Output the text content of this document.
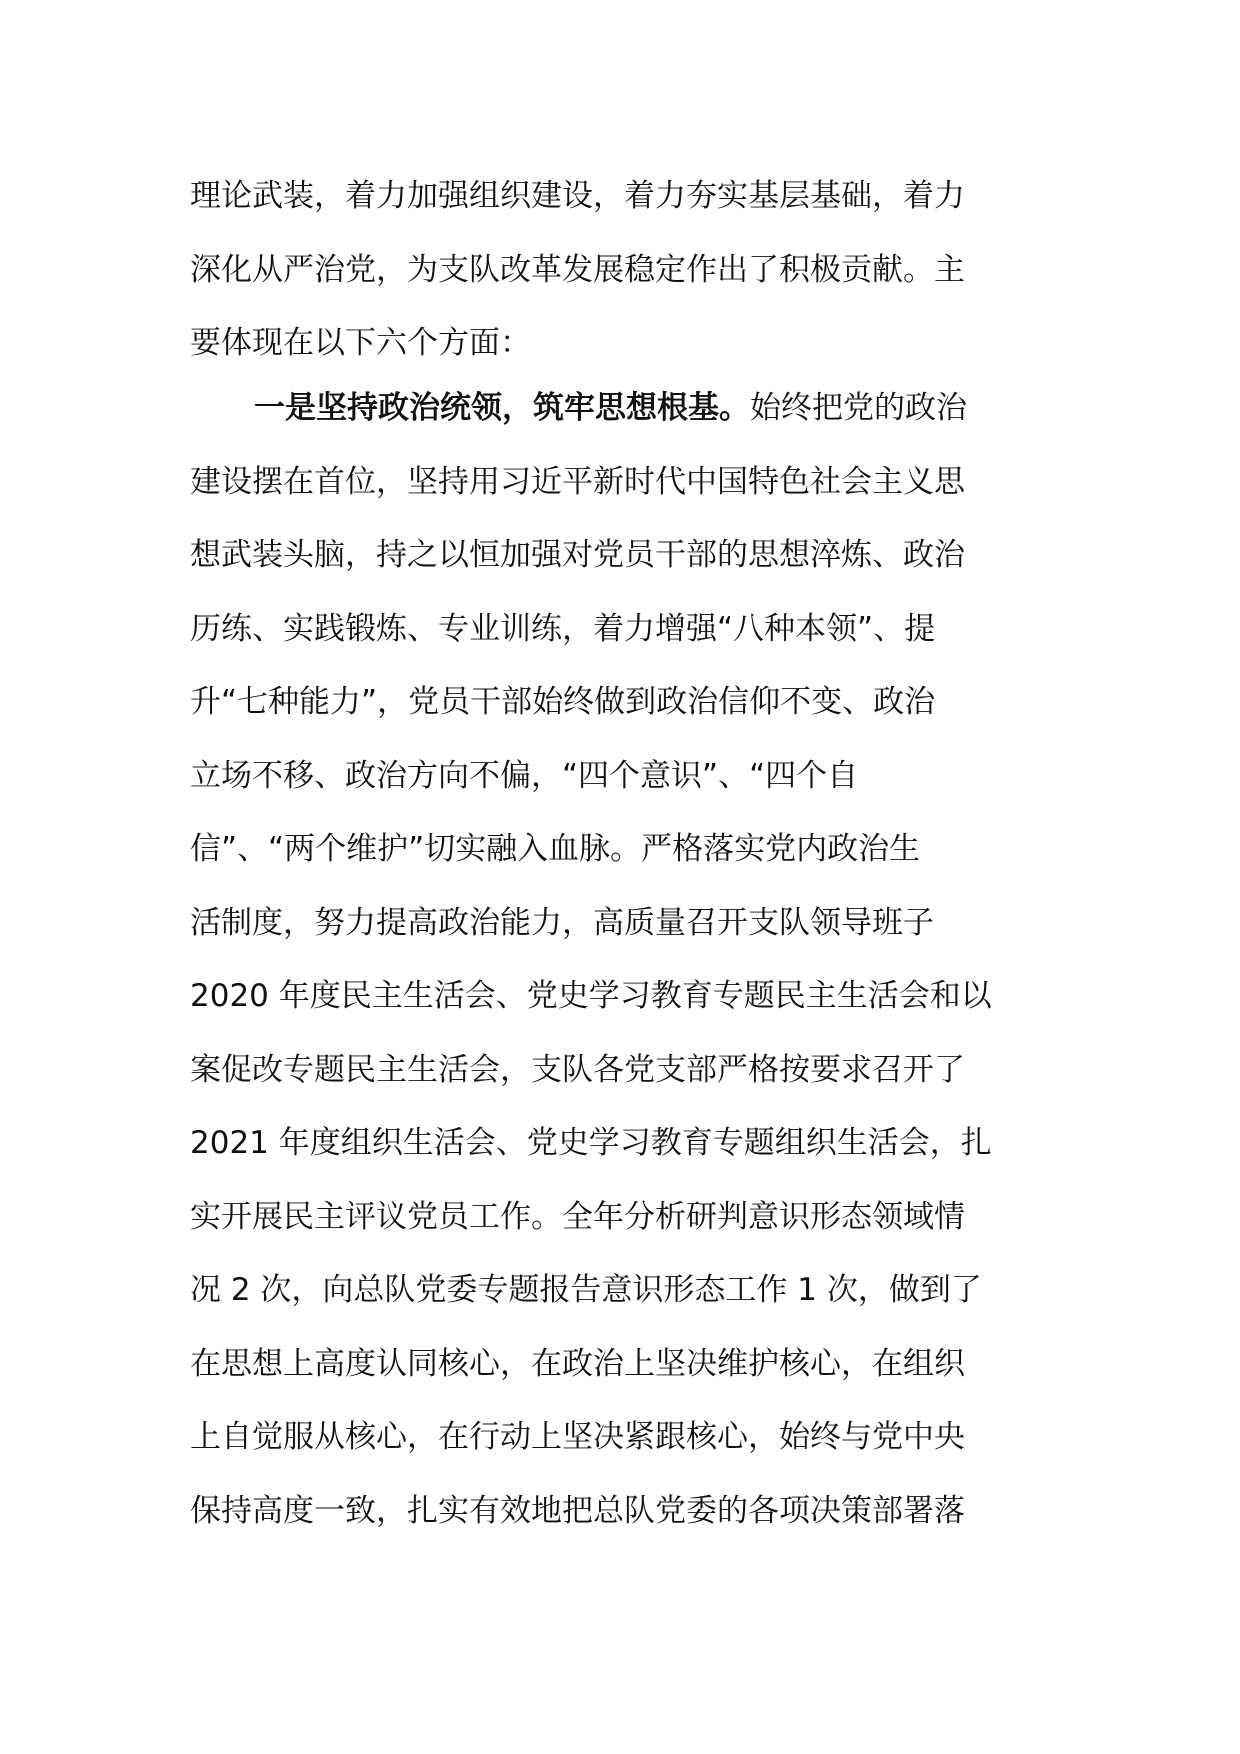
理论武装，着力加强组织建设，着力夯实基层基础，着力
深化从严治党，为支队改革发展稳定作出了积极贡献。主
要体现在以下六个方面：
一是坚持政治统领，筑牢思想根基。始终把党的政治
建设摆在首位，坚持用习近平新时代中国特色社会主义思
想武装头脑，持之以恒加强对党员干部的思想淬炼、政治
历练、实践锻炼、专业训练，着力增强“八种本领”、提
升“七种能力”，党员干部始终做到政治信仰不变、政治
立场不移、政治方向不偏，“四个意识”、“四个自
信”、“两个维护”切实融入血脉。严格落实党内政治生
活制度，努力提高政治能力，高质量召开支队领导班子
2020 年度民主生活会、党史学习教育专题民主生活会和以
案促改专题民主生活会，支队各党支部严格按要求召开了
2021 年度组织生活会、党史学习教育专题组织生活会，扎
实开展民主评议党员工作。全年分析研判意识形态领域情
况 2 次，向总队党委专题报告意识形态工作 1 次，做到了
在思想上高度认同核心，在政治上坚决维护核心，在组织
上自觉服从核心，在行动上坚决紧跟核心，始终与党中央
保持高度一致，扎实有效地把总队党委的各项决策部署落
